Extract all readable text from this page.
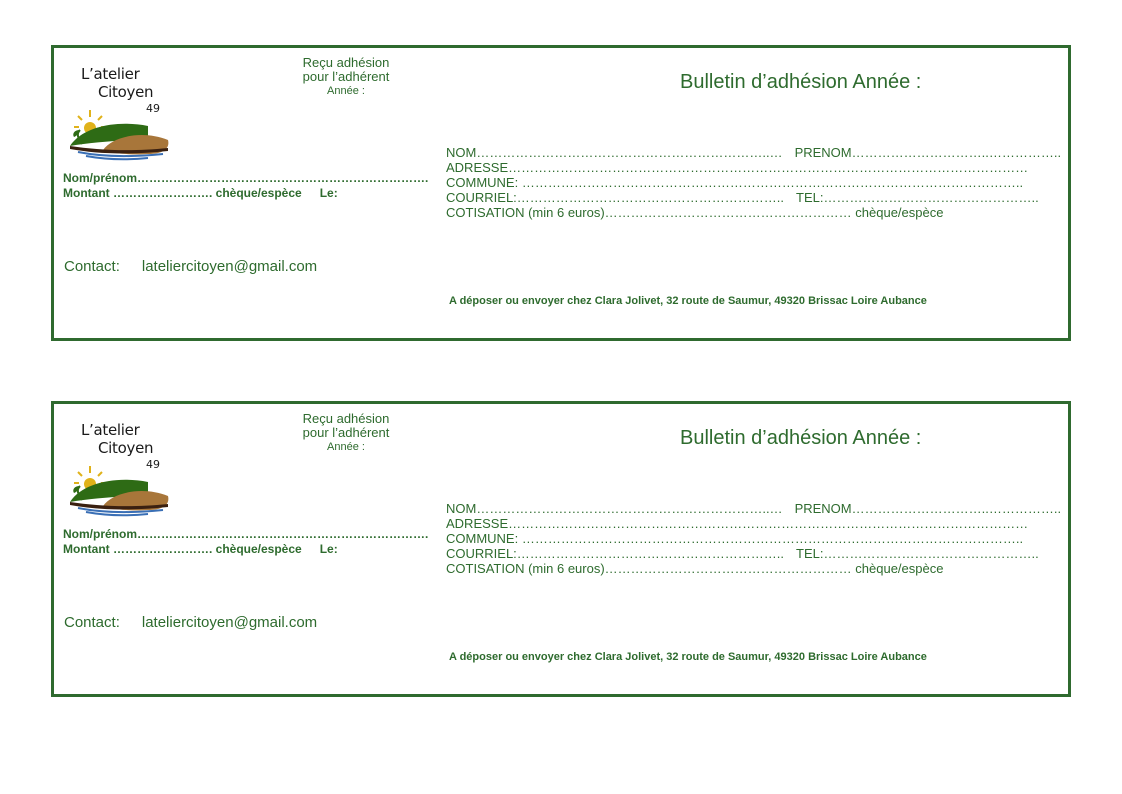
L’atelier
Citoyen
49
Reçu adhésion
pour l’adhérent

Année :
Nom/prénom……………………………………………………………….
Montant ……………………. chèque/espèce Le:
Contact: lateliercitoyen@gmail.com
Bulletin d’adhésion Année :
NOM…………………………………………………………..… PRENOM…………………………..……………..
ADRESSE…………………………………………………………………………………………………………
COMMUNE: ……………………………………………………………………………………………………..
COURRIEL:…………………………………………………….. TEL:…………………………………………..
COTISATION (min 6 euros)………………………………………………… chèque/espèce
A déposer ou envoyer chez Clara Jolivet, 32 route de Saumur, 49320 Brissac Loire Aubance
L’atelier
Citoyen
49
Reçu adhésion
pour l’adhérent

Année :
Nom/prénom……………………………………………………………….
Montant ……………………. chèque/espèce Le:
Contact: lateliercitoyen@gmail.com
Bulletin d’adhésion Année :
NOM…………………………………………………………..… PRENOM…………………………..……………..
ADRESSE…………………………………………………………………………………………………………
COMMUNE: ……………………………………………………………………………………………………..
COURRIEL:…………………………………………………….. TEL:…………………………………………..
COTISATION (min 6 euros)………………………………………………… chèque/espèce
A déposer ou envoyer chez Clara Jolivet, 32 route de Saumur, 49320 Brissac Loire Aubance
